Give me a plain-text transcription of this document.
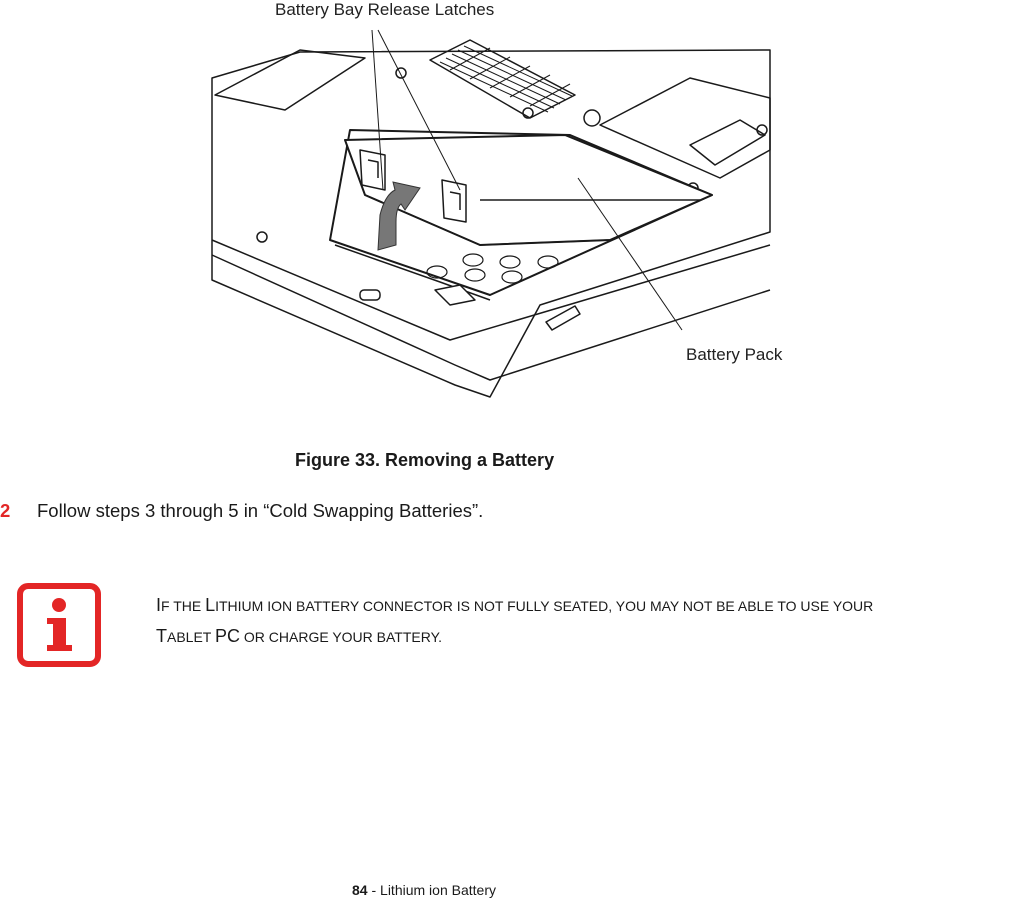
Battery Bay Release Latches
Battery Pack
Figure 33. Removing a Battery
2 Follow steps 3 through 5 in “Cold Swapping Batteries”.
IF THE LITHIUM ION BATTERY CONNECTOR IS NOT FULLY SEATED, YOU MAY NOT BE ABLE TO USE YOUR
TABLET PC OR CHARGE YOUR BATTERY.
84 - Lithium ion Battery
